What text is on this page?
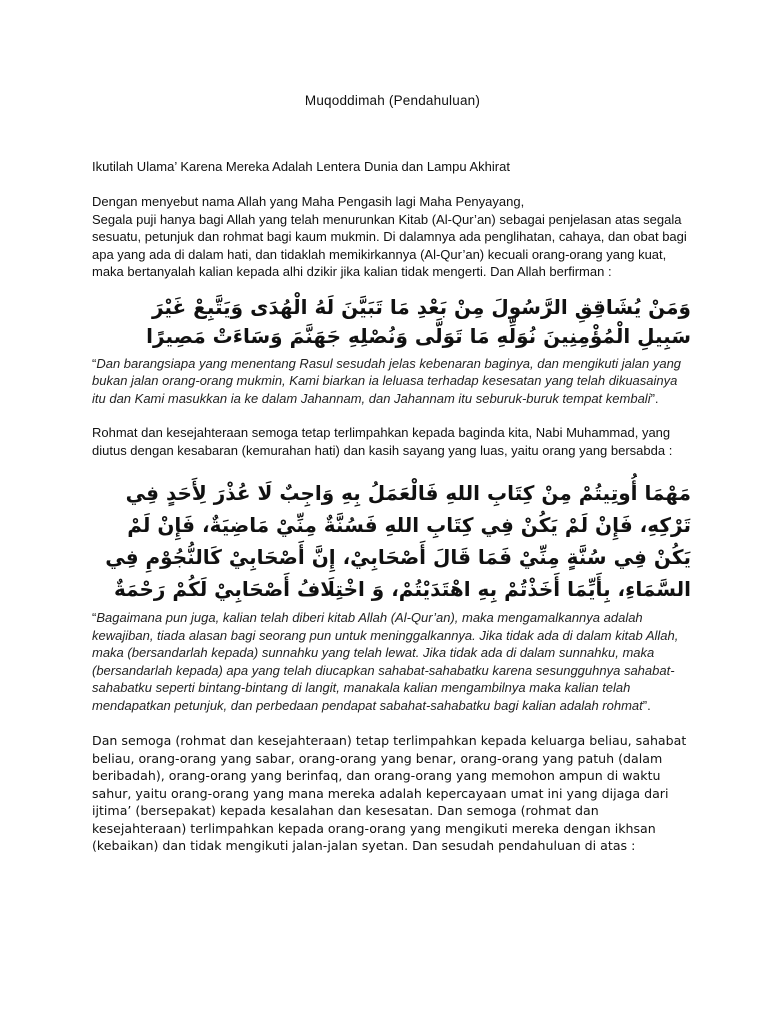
Muqoddimah (Pendahuluan)

Ikutilah Ulama’ Karena Mereka Adalah Lentera Dunia dan Lampu Akhirat

Dengan menyebut nama Allah yang Maha Pengasih lagi Maha Penyayang,

Segala puji hanya bagi Allah yang telah menurunkan Kitab (Al-Qur’an) sebagai penjelasan atas segala sesuatu, petunjuk dan rohmat bagi kaum mukmin. Di dalamnya ada penglihatan, cahaya, dan obat bagi apa yang ada di dalam hati, dan tidaklah memikirkannya (Al-Qur’an) kecuali orang-orang yang kuat, maka bertanyalah kalian kepada alhi dzikir jika kalian tidak mengerti. Dan Allah berfirman :

وَمَنْ يُشَاقِقِ الرَّسُولَ مِنْ بَعْدِ مَا تَبَيَّنَ لَهُ الْهُدَى وَيَتَّبِعْ غَيْرَ سَبِيلِ الْمُؤْمِنِينَ نُوَلِّهِ مَا تَوَلَّى وَنُصْلِهِ جَهَنَّمَ وَسَاءَتْ مَصِيرًا

“Dan barangsiapa yang menentang Rasul sesudah jelas kebenaran baginya, dan mengikuti jalan yang bukan jalan orang-orang mukmin, Kami biarkan ia leluasa terhadap kesesatan yang telah dikuasainya itu dan Kami masukkan ia ke dalam Jahannam, dan Jahannam itu seburuk-buruk tempat kembali”.

Rohmat dan kesejahteraan semoga tetap terlimpahkan kepada baginda kita, Nabi Muhammad, yang diutus dengan kesabaran (kemurahan hati) dan kasih sayang yang luas, yaitu orang yang bersabda :

مَهْمَا أُوتِيتُمْ مِنْ كِتَابِ اللهِ فَالْعَمَلُ بِهِ وَاجِبٌ لَا عُذْرَ لِأَحَدٍ فِي تَرْكِهِ، فَإِنْ لَمْ يَكُنْ فِي كِتَابِ اللهِ فَسُنَّةٌ مِنِّيْ مَاضِيَةٌ، فَإِنْ لَمْ يَكُنْ فِي سُنَّةٍ مِنِّيْ فَمَا قَالَ أَصْحَابِيْ، إِنَّ أَصْحَابِيْ كَالنُّجُوْمِ فِي السَّمَاءِ، بِأَيِّمَا أَخَذْتُمْ بِهِ اهْتَدَيْتُمْ، وَ اخْتِلَافُ أَصْحَابِيْ لَكُمْ رَحْمَةٌ

“Bagaimana pun juga, kalian telah diberi kitab Allah (Al-Qur’an), maka mengamalkannya adalah kewajiban, tiada alasan bagi seorang pun untuk meninggalkannya. Jika tidak ada di dalam kitab Allah, maka (bersandarlah kepada) sunnahku yang telah lewat. Jika tidak ada di dalam sunnahku, maka (bersandarlah kepada) apa yang telah diucapkan sahabat-sahabatku karena sesungguhnya sahabat-sahabatku seperti bintang-bintang di langit, manakala kalian mengambilnya maka kalian telah mendapatkan petunjuk, dan perbedaan pendapat sabahat-sahabatku bagi kalian adalah rohmat”.

Dan semoga (rohmat dan kesejahteraan) tetap terlimpahkan kepada keluarga beliau, sahabat beliau, orang-orang yang sabar, orang-orang yang benar, orang-orang yang patuh (dalam beribadah), orang-orang yang berinfaq, dan orang-orang yang memohon ampun di waktu sahur, yaitu orang-orang yang mana mereka adalah kepercayaan umat ini yang dijaga dari ijtima’ (bersepakat) kepada kesalahan dan kesesatan. Dan semoga (rohmat dan kesejahteraan) terlimpahkan kepada orang-orang yang mengikuti mereka dengan ikhsan (kebaikan) dan tidak mengikuti jalan-jalan syetan. Dan sesudah pendahuluan di atas :
